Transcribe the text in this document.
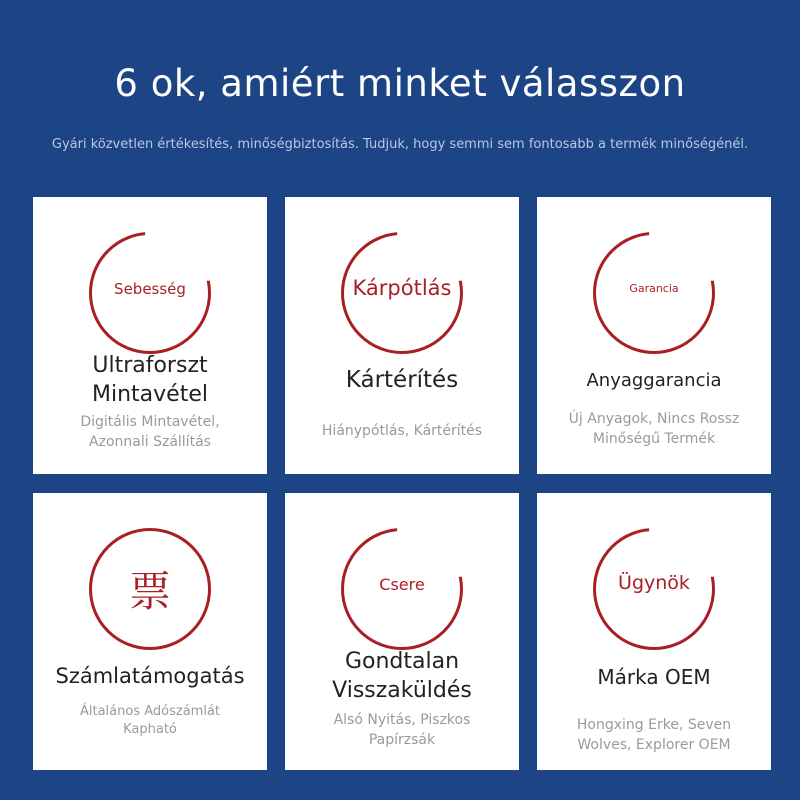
6 ok, amiért minket válasszon
Gyári közvetlen értékesítés, minőségbiztosítás. Tudjuk, hogy semmi sem fontosabb a termék minőségénél.
Sebesség
Ultraforszt
Mintavétel
Digitális Mintavétel,
Azonnali Szállítás
Kárpótlás
Kártérítés
Hiánypótlás, Kártérítés
Garancia
Anyaggarancia
Új Anyagok, Nincs Rossz
Minőségű Termék
票
Számlatámogatás
Általános Adószámlát
Kapható
Csere
Gondtalan
Visszaküldés
Alsó Nyitás, Piszkos
Papírzsák
Ügynök
Márka OEM
Hongxing Erke, Seven
Wolves, Explorer OEM
